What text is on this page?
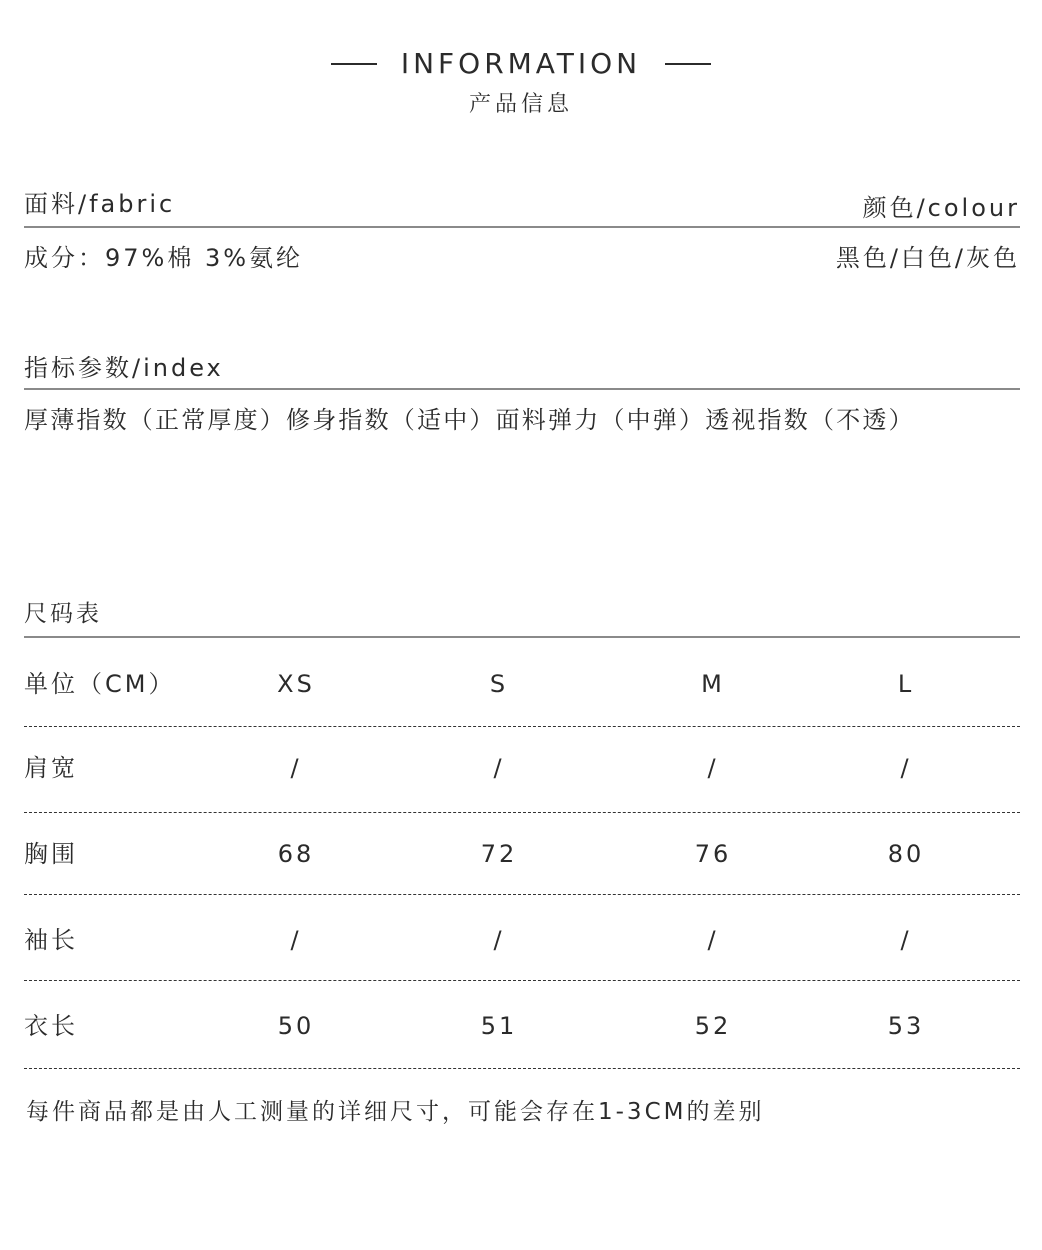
INFORMATION
产品信息
面料/fabric	颜色/colour
成分：97%棉 3%氨纶	黑色/白色/灰色
指标参数/index
厚薄指数（正常厚度）修身指数（适中）面料弹力（中弹）透视指数（不透）
尺码表
单位（CM）	XS	S	M	L
肩宽	/	/	/	/
胸围	68	72	76	80
袖长	/	/	/	/
衣长	50	51	52	53
每件商品都是由人工测量的详细尺寸，可能会存在1-3CM的差别
